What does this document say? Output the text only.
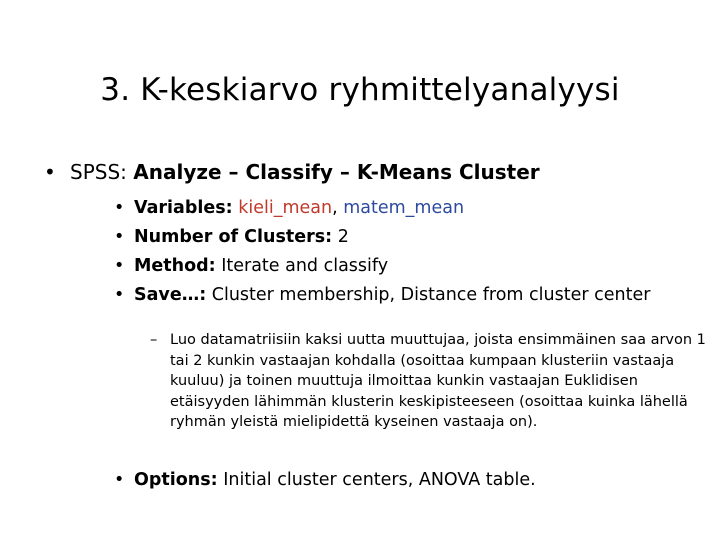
3. K-keskiarvo ryhmittelyanalyysi
• SPSS: Analyze – Classify – K-Means Cluster
• Variables: kieli_mean, matem_mean
• Number of Clusters: 2
• Method: Iterate and classify
• Save…: Cluster membership, Distance from cluster center
– Luo datamatriisiin kaksi uutta muuttujaa, joista ensimmäinen saa arvon 1 tai 2 kunkin vastaajan kohdalla (osoittaa kumpaan klusteriin vastaaja kuuluu) ja toinen muuttuja ilmoittaa kunkin vastaajan Euklidisen etäisyyden lähimmän klusterin keskipisteeseen (osoittaa kuinka lähellä ryhmän yleistä mielipidettä kyseinen vastaaja on).
• Options: Initial cluster centers, ANOVA table.
